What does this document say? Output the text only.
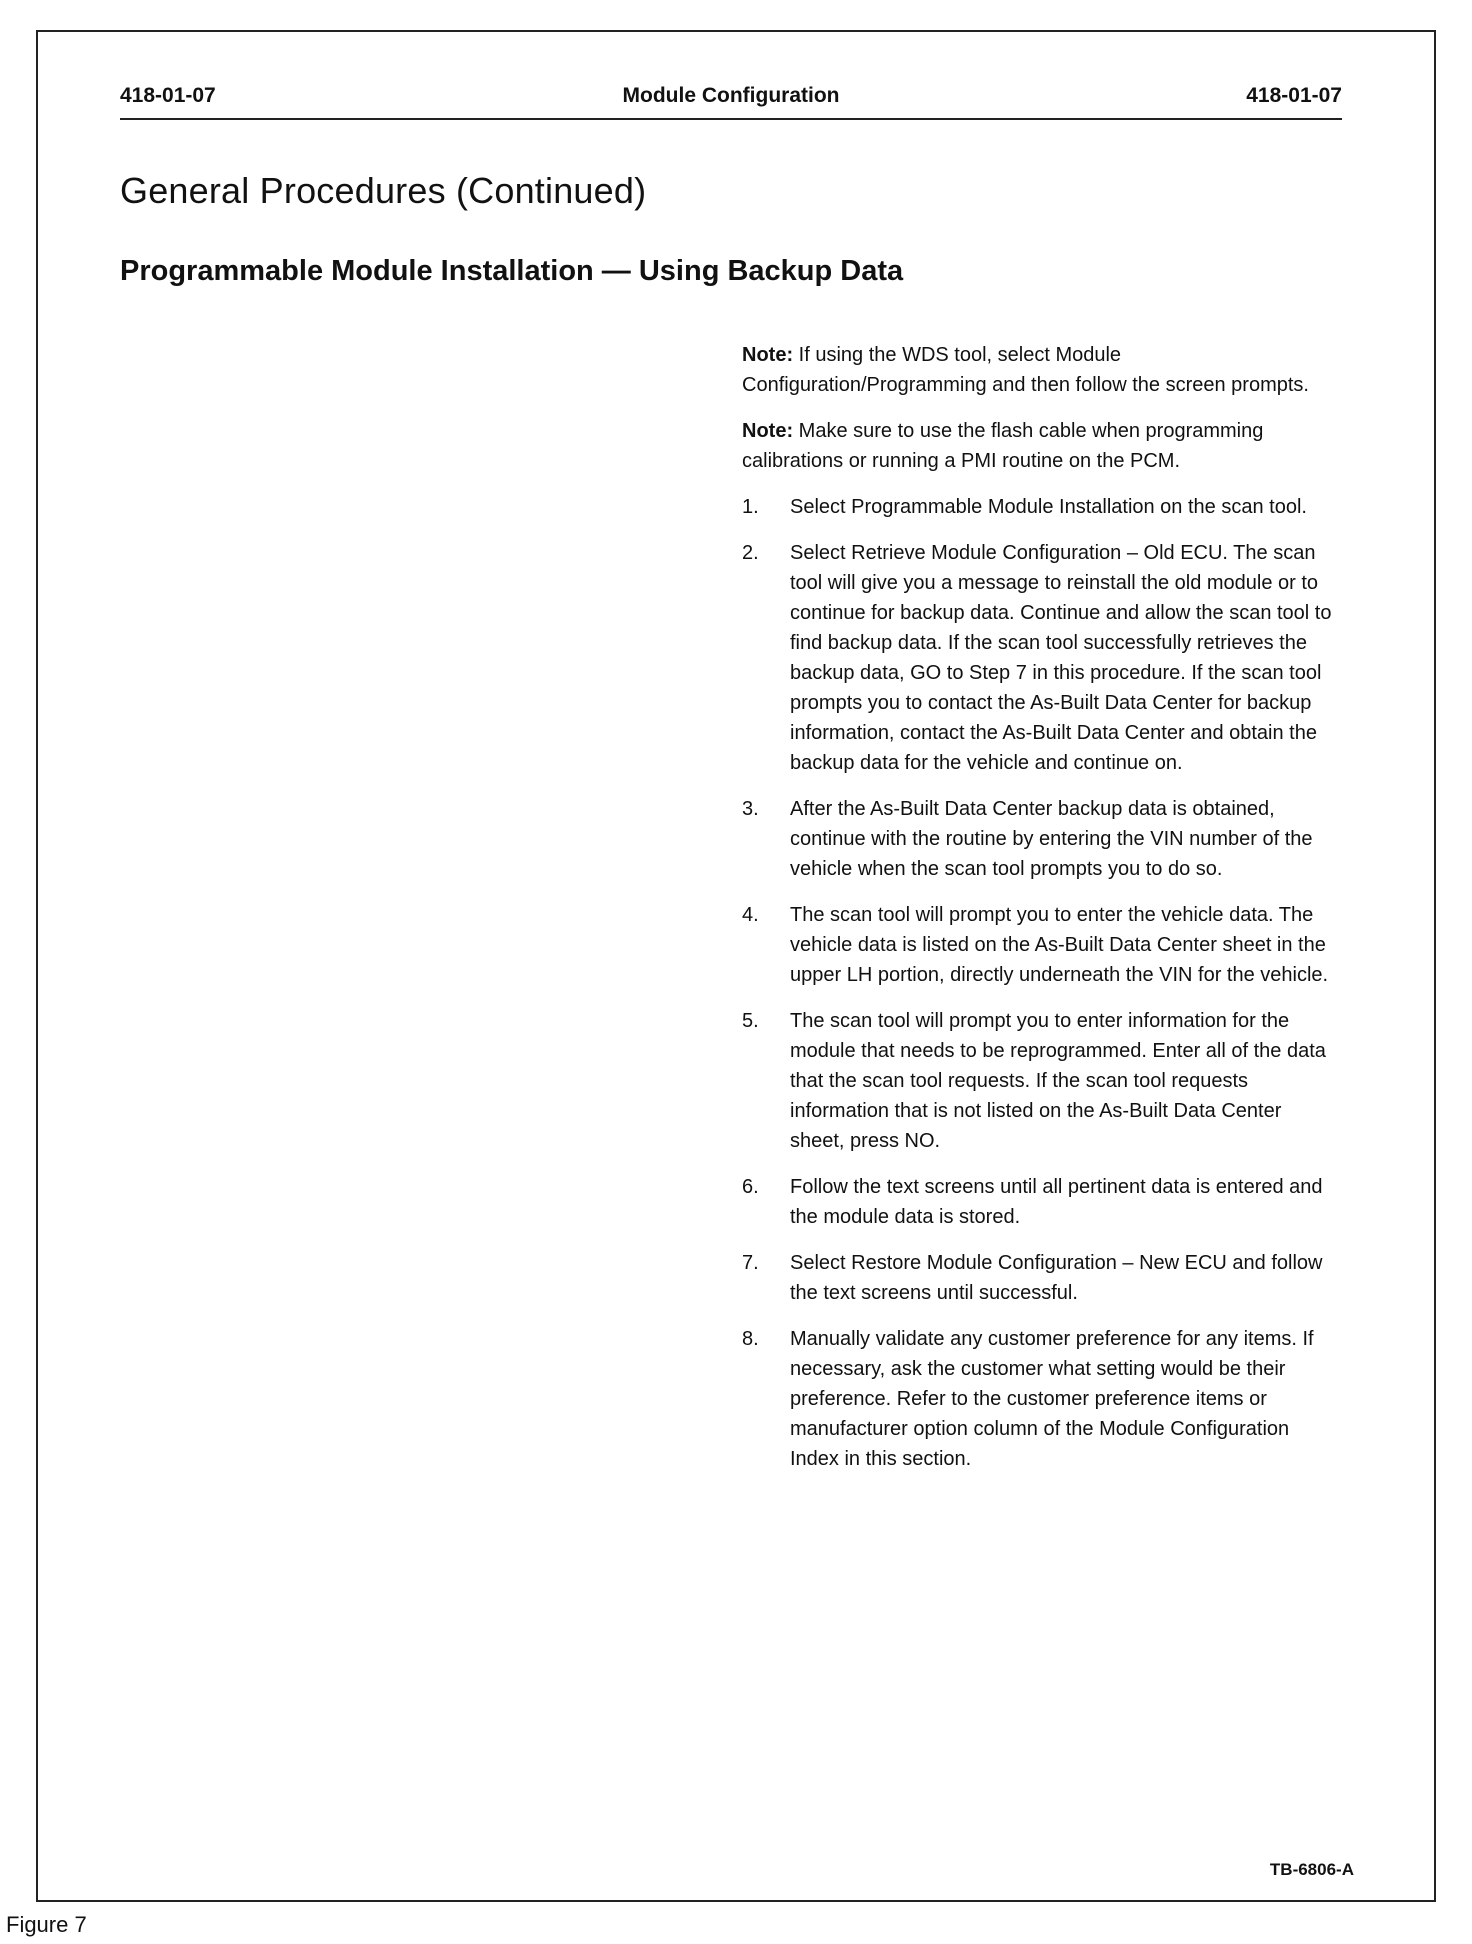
Module Configuration
418-01-07	418-01-07
General Procedures (Continued)
Programmable Module Installation — Using Backup Data

Note: If using the WDS tool, select Module Configuration/Programming and then follow the screen prompts.

Note: Make sure to use the flash cable when programming calibrations or running a PMI routine on the PCM.

1. Select Programmable Module Installation on the scan tool.
2. Select Retrieve Module Configuration – Old ECU. The scan tool will give you a message to reinstall the old module or to continue for backup data. Continue and allow the scan tool to find backup data. If the scan tool successfully retrieves the backup data, GO to Step 7 in this procedure. If the scan tool prompts you to contact the As-Built Data Center for backup information, contact the As-Built Data Center and obtain the backup data for the vehicle and continue on.
3. After the As-Built Data Center backup data is obtained, continue with the routine by entering the VIN number of the vehicle when the scan tool prompts you to do so.
4. The scan tool will prompt you to enter the vehicle data. The vehicle data is listed on the As-Built Data Center sheet in the upper LH portion, directly underneath the VIN for the vehicle.
5. The scan tool will prompt you to enter information for the module that needs to be reprogrammed. Enter all of the data that the scan tool requests. If the scan tool requests information that is not listed on the As-Built Data Center sheet, press NO.
6. Follow the text screens until all pertinent data is entered and the module data is stored.
7. Select Restore Module Configuration – New ECU and follow the text screens until successful.
8. Manually validate any customer preference for any items. If necessary, ask the customer what setting would be their preference. Refer to the customer preference items or manufacturer option column of the Module Configuration Index in this section.
TB-6806-A
Figure 7
